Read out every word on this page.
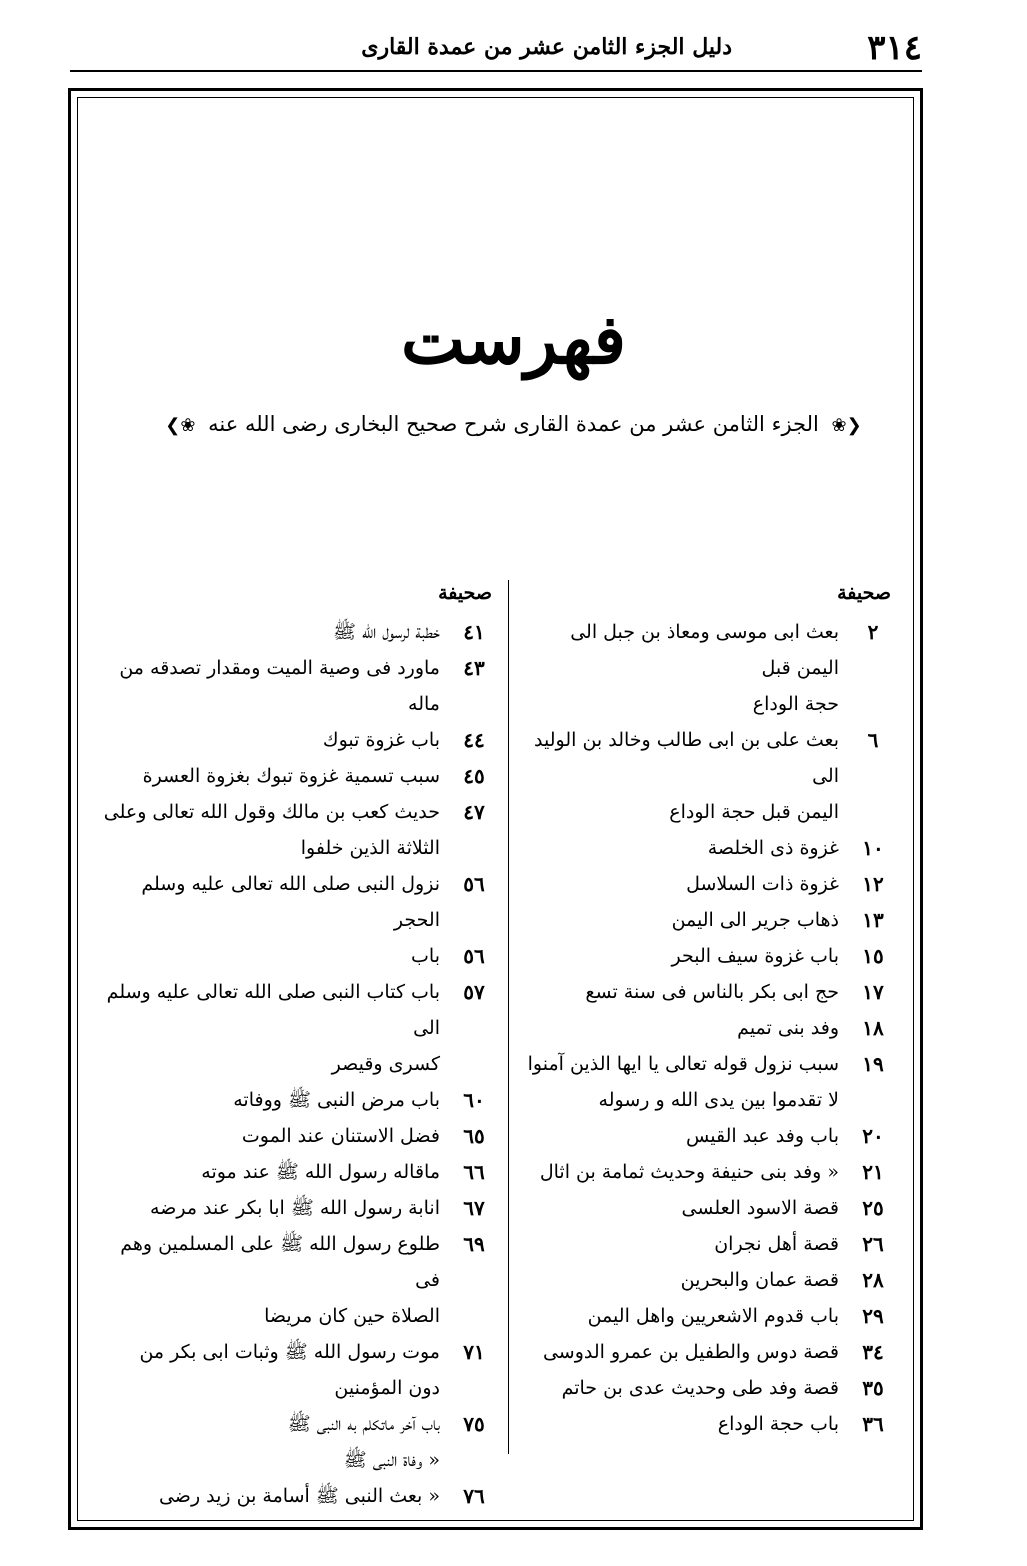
٣١٤
دليل الجزء الثامن عشر من عمدة القارى
فهرست
❮❀ الجزء الثامن عشر من عمدة القارى شرح صحيح البخارى رضى الله عنه ❀❯
صحيفة
٢
بعث ابى موسى ومعاذ بن جبل الى اليمن قبل
حجة الوداع
٦
بعث على بن ابى طالب وخالد بن الوليد الى
اليمن قبل حجة الوداع
١٠
غزوة ذى الخلصة
١٢
غزوة ذات السلاسل
١٣
ذهاب جرير الى اليمن
١٥
باب غزوة سيف البحر
١٧
حج ابى بكر بالناس فى سنة تسع
١٨
وفد بنى تميم
١٩
سبب نزول قوله تعالى يا ايها الذين آمنوا
لا تقدموا بين يدى الله و رسوله
٢٠
باب وفد عبد القيس
٢١
« وفد بنى حنيفة وحديث ثمامة بن اثال
٢٥
قصة الاسود العلسى
٢٦
قصة أهل نجران
٢٨
قصة عمان والبحرين
٢٩
باب قدوم الاشعريين واهل اليمن
٣٤
قصة دوس والطفيل بن عمرو الدوسى
٣٥
قصة وفد طى وحديث عدى بن حاتم
٣٦
باب حجة الوداع
صحيفة
٤١
خطبة لرسول الله ﷺ
٤٣
ماورد فى وصية الميت ومقدار تصدقه من ماله
٤٤
باب غزوة تبوك
٤٥
سبب تسمية غزوة تبوك بغزوة العسرة
٤٧
حديث كعب بن مالك وقول الله تعالى وعلى
الثلاثة الذين خلفوا
٥٦
نزول النبى صلى الله تعالى عليه وسلم الحجر
٥٦
باب
٥٧
باب كتاب النبى صلى الله تعالى عليه وسلم الى
كسرى وقيصر
٦٠
باب مرض النبى ﷺ ووفاته
٦٥
فضل الاستنان عند الموت
٦٦
ماقاله رسول الله ﷺ عند موته
٦٧
انابة رسول الله ﷺ ابا بكر عند مرضه
٦٩
طلوع رسول الله ﷺ على المسلمين وهم فى
الصلاة حين كان مريضا
٧١
موت رسول الله ﷺ وثبات ابى بكر من
دون المؤمنين
٧٥
باب آخر ماتكلم به النبى ﷺ
« وفاة النبى ﷺ
٧٦
« بعث النبى ﷺ أسامة بن زيد رضى
